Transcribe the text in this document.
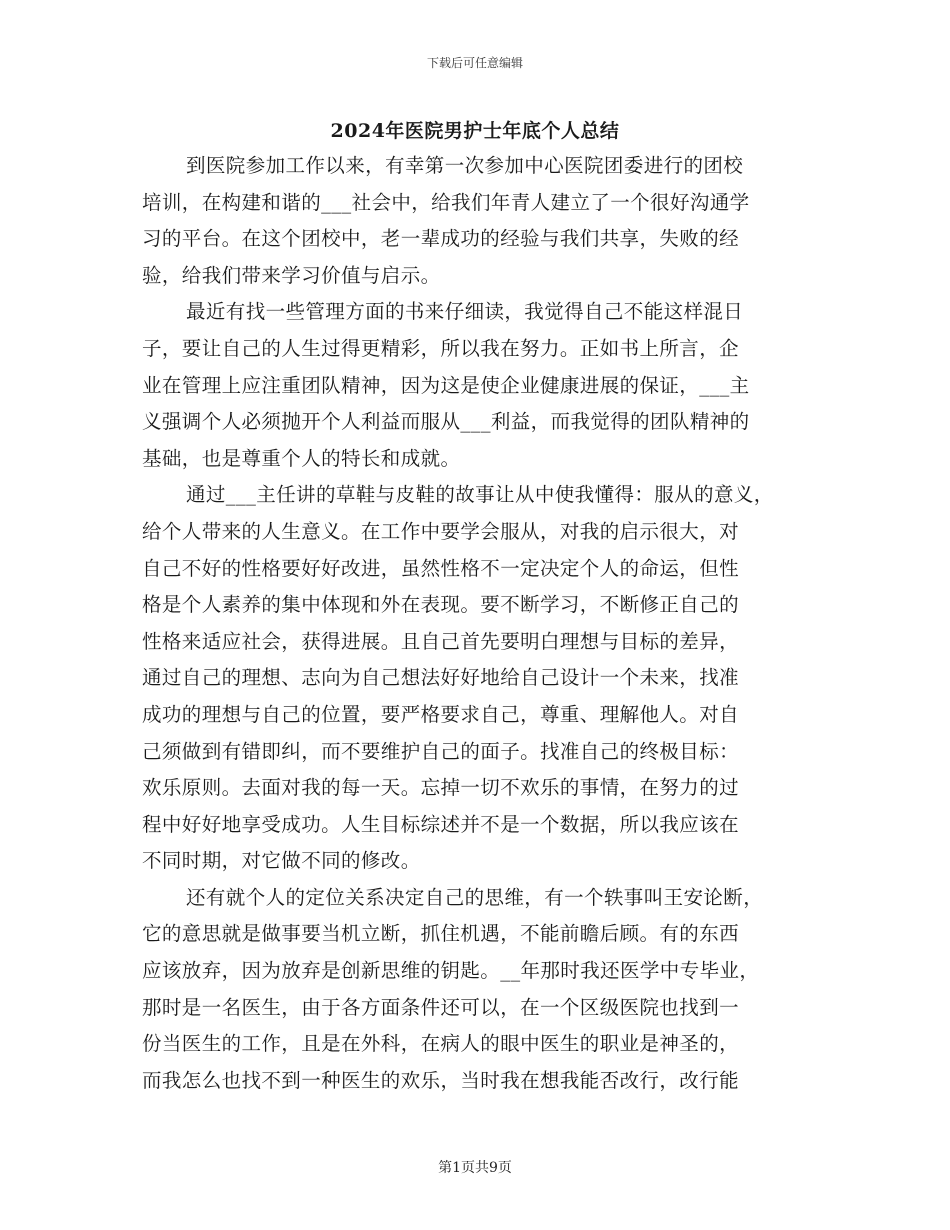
下载后可任意编辑
2024年医院男护士年底个人总结
到医院参加工作以来，有幸第一次参加中心医院团委进行的团校
培训，在构建和谐的___社会中，给我们年青人建立了一个很好沟通学
习的平台。在这个团校中，老一辈成功的经验与我们共享，失败的经
验，给我们带来学习价值与启示。
最近有找一些管理方面的书来仔细读，我觉得自己不能这样混日
子，要让自己的人生过得更精彩，所以我在努力。正如书上所言，企
业在管理上应注重团队精神，因为这是使企业健康进展的保证，___主
义强调个人必须抛开个人利益而服从___利益，而我觉得的团队精神的
基础，也是尊重个人的特长和成就。
通过___主任讲的草鞋与皮鞋的故事让从中使我懂得：服从的意义，
给个人带来的人生意义。在工作中要学会服从，对我的启示很大，对
自己不好的性格要好好改进，虽然性格不一定决定个人的命运，但性
格是个人素养的集中体现和外在表现。要不断学习，不断修正自己的
性格来适应社会，获得进展。且自己首先要明白理想与目标的差异，
通过自己的理想、志向为自己想法好好地给自己设计一个未来，找准
成功的理想与自己的位置，要严格要求自己，尊重、理解他人。对自
己须做到有错即纠，而不要维护自己的面子。找准自己的终极目标：
欢乐原则。去面对我的每一天。忘掉一切不欢乐的事情，在努力的过
程中好好地享受成功。人生目标综述并不是一个数据，所以我应该在
不同时期，对它做不同的修改。
还有就个人的定位关系决定自己的思维，有一个轶事叫王安论断，
它的意思就是做事要当机立断，抓住机遇，不能前瞻后顾。有的东西
应该放弃，因为放弃是创新思维的钥匙。__年那时我还医学中专毕业，
那时是一名医生，由于各方面条件还可以，在一个区级医院也找到一
份当医生的工作，且是在外科，在病人的眼中医生的职业是神圣的，
而我怎么也找不到一种医生的欢乐，当时我在想我能否改行，改行能
第1页共9页
